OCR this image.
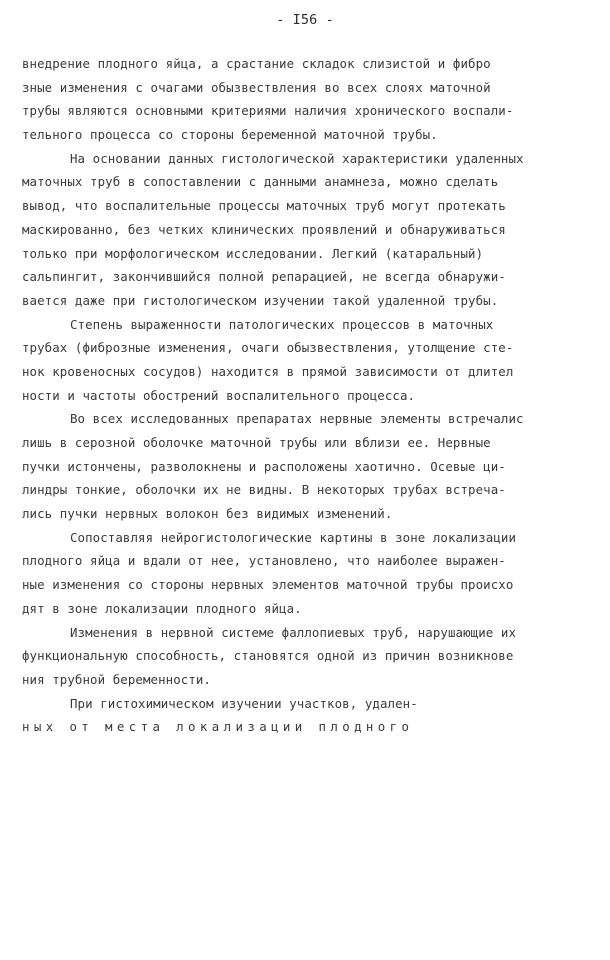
- I56 -
внедрение плодного яйца, а срастание складок слизистой и фибро
зные изменения с очагами обызвествления во всех слоях маточной
трубы являются основными критериями наличия хронического воспали-
тельного процесса со стороны беременной маточной трубы.
На основании данных гистологической характеристики удаленных
маточных труб в сопоставлении с данными анамнеза, можно сделать
вывод, что воспалительные процессы маточных труб могут протекать
маскированно, без четких клинических проявлений и обнаруживаться
только при морфологическом исследовании. Легкий (катаральный)
сальпингит, закончившийся полной репарацией, не всегда обнаружи-
вается даже при гистологическом изучении такой удаленной трубы.
Степень выраженности патологических процессов в маточных
трубах (фиброзные изменения, очаги обызвествления, утолщение сте-
нок кровеносных сосудов) находится в прямой зависимости от длител
ности и частоты обострений воспалительного процесса.
Во всех исследованных препаратах нервные элементы встречалис
лишь в серозной оболочке маточной трубы или вблизи ее. Нервные
пучки истончены, разволокнены и расположены хаотично. Осевые ци-
линдры тонкие, оболочки их не видны. В некоторых трубах встреча-
лись пучки нервных волокон без видимых изменений.
Сопоставляя нейрогистологические картины в зоне локализации
плодного яйца и вдали от нее, установлено, что наиболее выражен-
ные изменения со стороны нервных элементов маточной трубы происхо
дят в зоне локализации плодного яйца.
Изменения в нервной системе фаллопиевых труб, нарушающие их
функциональную способность, становятся одной из причин возникнове
ния трубной беременности.
При гистохимическом изучении участков, удален-
ных от места локализации плодного
